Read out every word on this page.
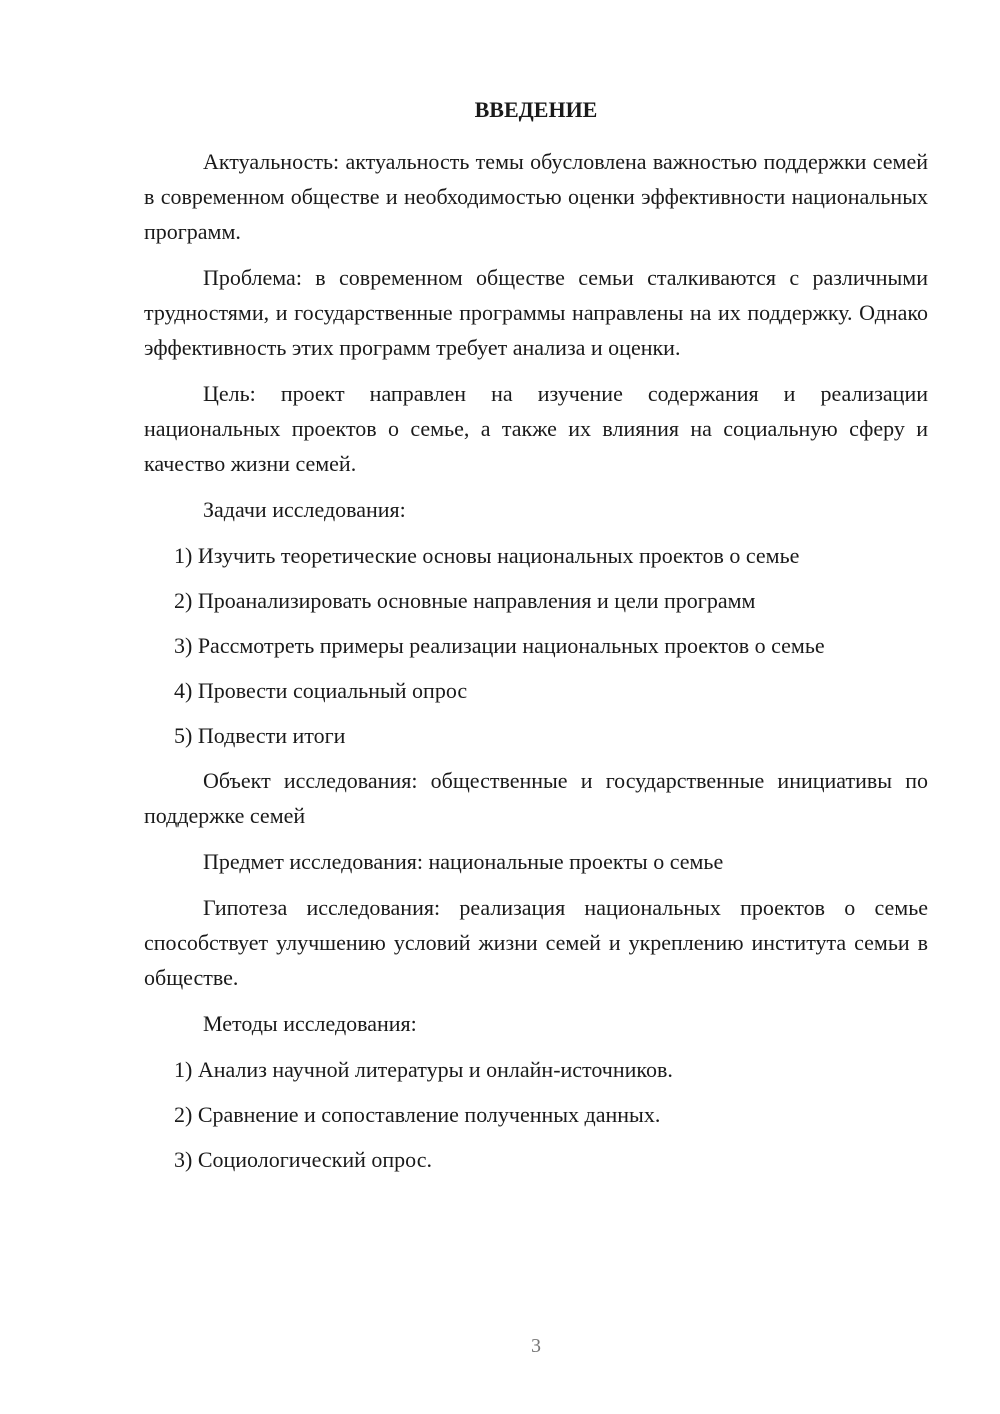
ВВЕДЕНИЕ

Актуальность: актуальность темы обусловлена важностью поддержки семей в современном обществе и необходимостью оценки эффективности национальных программ.

Проблема: в современном обществе семьи сталкиваются с различными трудностями, и государственные программы направлены на их поддержку. Однако эффективность этих программ требует анализа и оценки.

Цель: проект направлен на изучение содержания и реализации национальных проектов о семье, а также их влияния на социальную сферу и качество жизни семей.

Задачи исследования:

1) Изучить теоретические основы национальных проектов о семье
2) Проанализировать основные направления и цели программ
3) Рассмотреть примеры реализации национальных проектов о семье
4) Провести социальный опрос
5) Подвести итоги

Объект исследования: общественные и государственные инициативы по поддержке семей

Предмет исследования: национальные проекты о семье

Гипотеза исследования: реализация национальных проектов о семье способствует улучшению условий жизни семей и укреплению института семьи в обществе.

Методы исследования:

1) Анализ научной литературы и онлайн-источников.
2) Сравнение и сопоставление полученных данных.
3) Социологический опрос.
3
